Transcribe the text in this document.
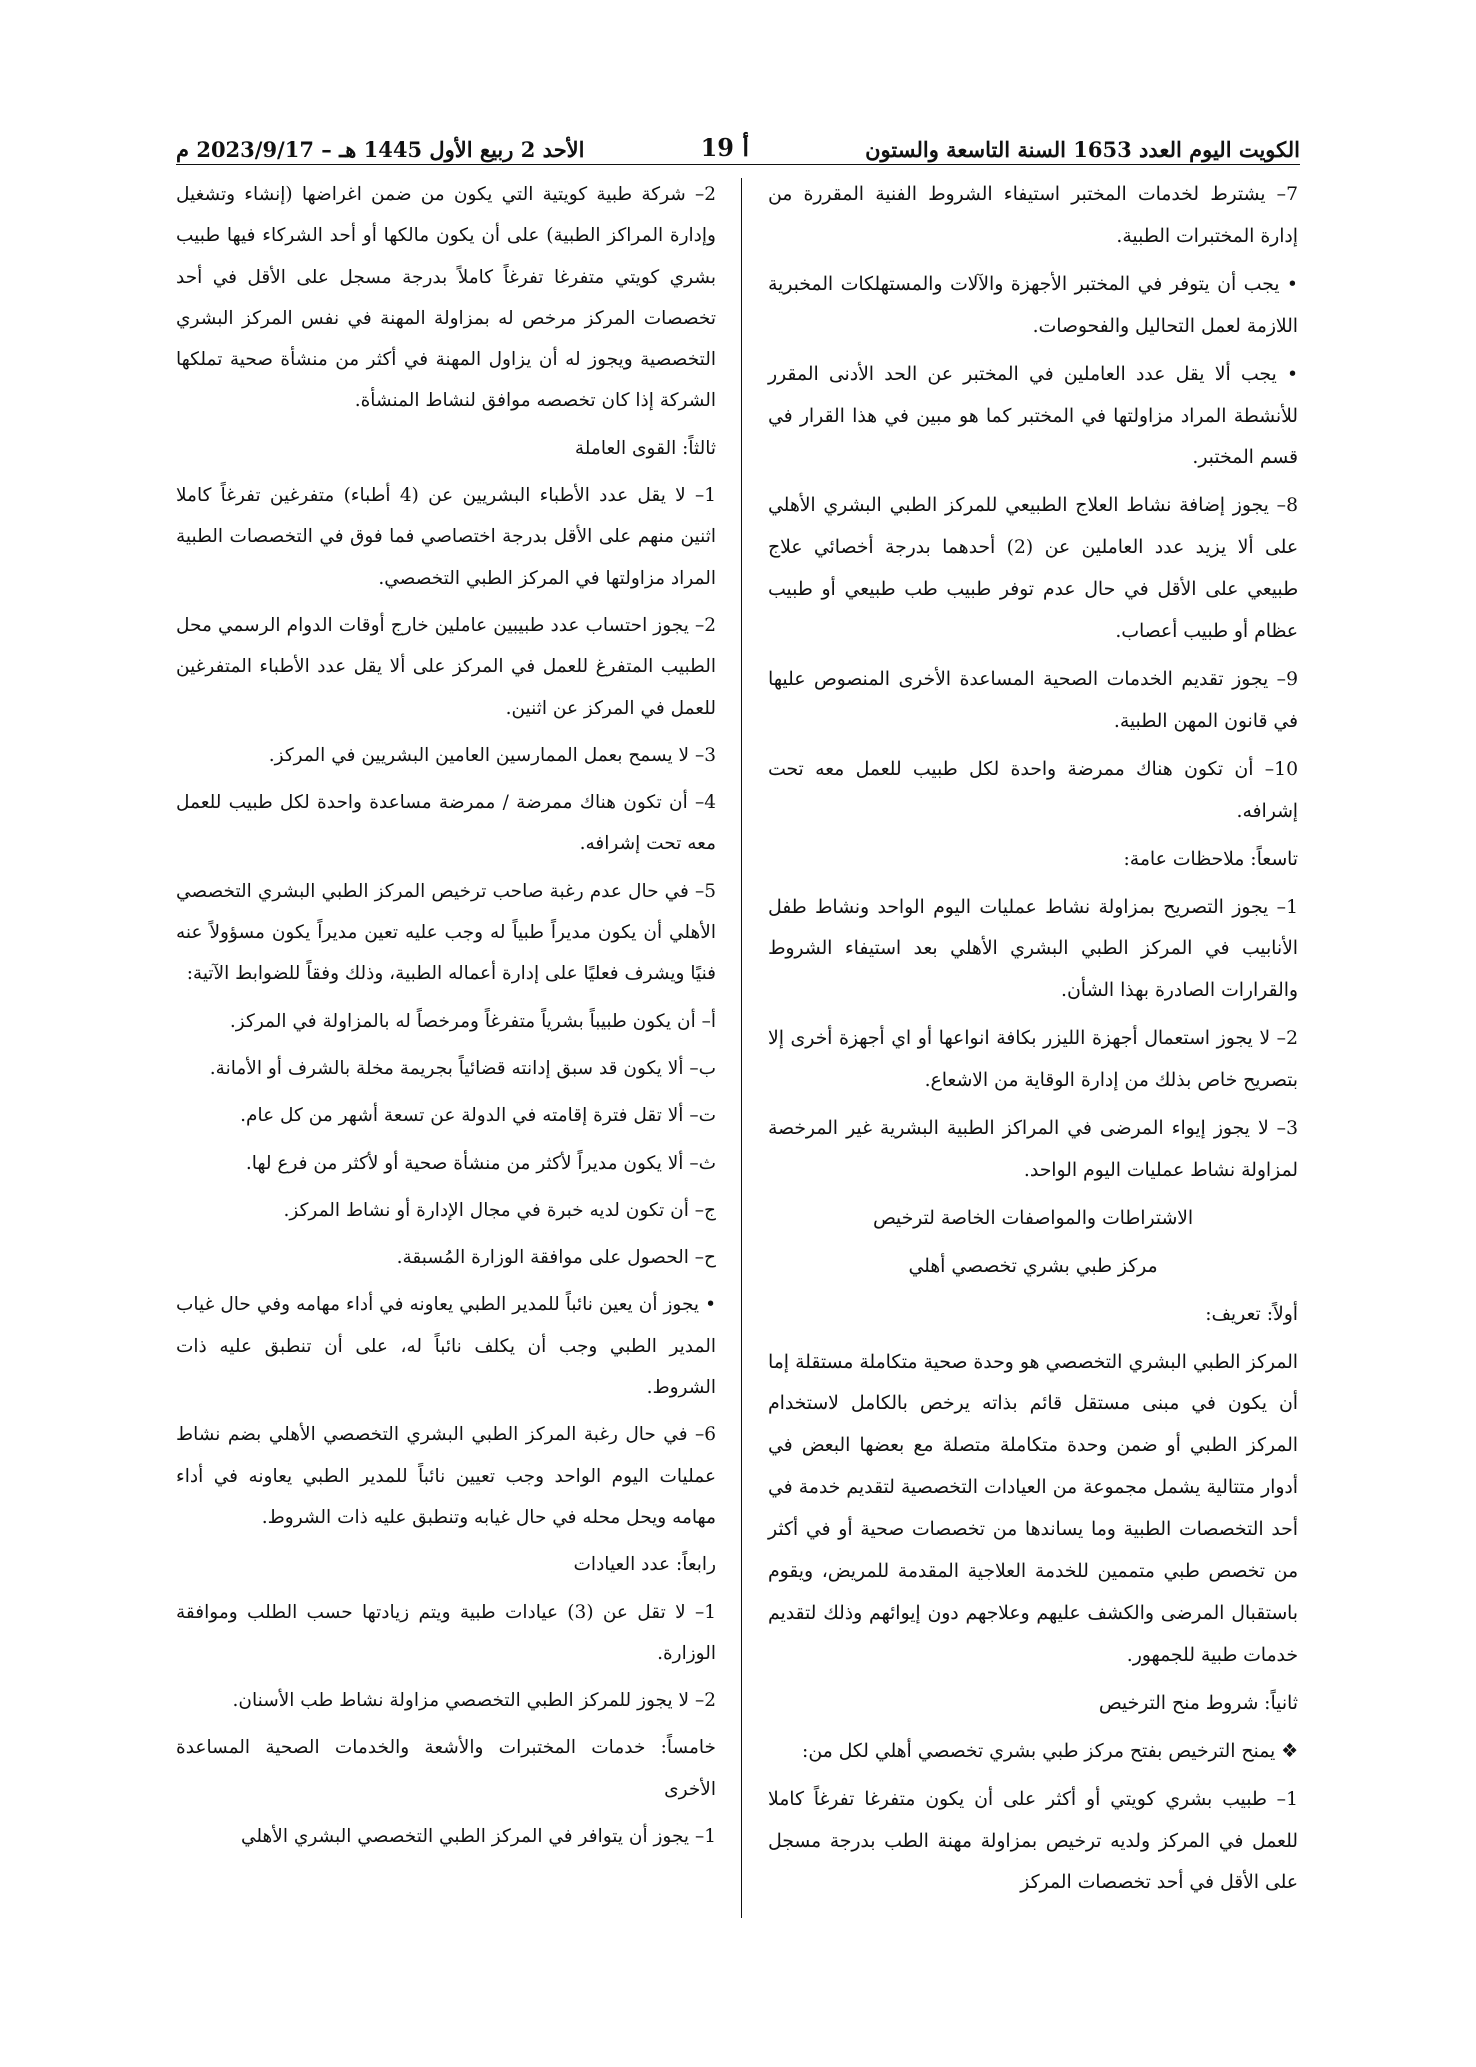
الكويت اليوم العدد 1653 السنة التاسعة والستون
أ 19
الأحد 2 ربيع الأول 1445 هـ – 2023/9/17 م

7– يشترط لخدمات المختبر استيفاء الشروط الفنية المقررة من إدارة المختبرات الطبية.

• يجب أن يتوفر في المختبر الأجهزة والآلات والمستهلكات المخبرية اللازمة لعمل التحاليل والفحوصات.

• يجب ألا يقل عدد العاملين في المختبر عن الحد الأدنى المقرر للأنشطة المراد مزاولتها في المختبر كما هو مبين في هذا القرار في قسم المختبر.

8– يجوز إضافة نشاط العلاج الطبيعي للمركز الطبي البشري الأهلي على ألا يزيد عدد العاملين عن (2) أحدهما بدرجة أخصائي علاج طبيعي على الأقل في حال عدم توفر طبيب طب طبيعي أو طبيب عظام أو طبيب أعصاب.

9– يجوز تقديم الخدمات الصحية المساعدة الأخرى المنصوص عليها في قانون المهن الطبية.

10– أن تكون هناك ممرضة واحدة لكل طبيب للعمل معه تحت إشرافه.

تاسعاً: ملاحظات عامة:

1– يجوز التصريح بمزاولة نشاط عمليات اليوم الواحد ونشاط طفل الأنابيب في المركز الطبي البشري الأهلي بعد استيفاء الشروط والقرارات الصادرة بهذا الشأن.

2– لا يجوز استعمال أجهزة الليزر بكافة انواعها أو اي أجهزة أخرى إلا بتصريح خاص بذلك من إدارة الوقاية من الاشعاع.

3– لا يجوز إيواء المرضى في المراكز الطبية البشرية غير المرخصة لمزاولة نشاط عمليات اليوم الواحد.

الاشتراطات والمواصفات الخاصة لترخيص

مركز طبي بشري تخصصي أهلي

أولاً: تعريف:

المركز الطبي البشري التخصصي هو وحدة صحية متكاملة مستقلة إما أن يكون في مبنى مستقل قائم بذاته يرخص بالكامل لاستخدام المركز الطبي أو ضمن وحدة متكاملة متصلة مع بعضها البعض في أدوار متتالية يشمل مجموعة من العيادات التخصصية لتقديم خدمة في أحد التخصصات الطبية وما يساندها من تخصصات صحية أو في أكثر من تخصص طبي متممين للخدمة العلاجية المقدمة للمريض، ويقوم باستقبال المرضى والكشف عليهم وعلاجهم دون إيوائهم وذلك لتقديم خدمات طبية للجمهور.

ثانياً: شروط منح الترخيص

❖ يمنح الترخيص بفتح مركز طبي بشري تخصصي أهلي لكل من:

1– طبيب بشري كويتي أو أكثر على أن يكون متفرغا تفرغاً كاملا للعمل في المركز ولديه ترخيص بمزاولة مهنة الطب بدرجة مسجل على الأقل في أحد تخصصات المركز

2– شركة طبية كويتية التي يكون من ضمن اغراضها (إنشاء وتشغيل وإدارة المراكز الطبية) على أن يكون مالكها أو أحد الشركاء فيها طبيب بشري كويتي متفرغا تفرغاً كاملاً بدرجة مسجل على الأقل في أحد تخصصات المركز مرخص له بمزاولة المهنة في نفس المركز البشري التخصصية ويجوز له أن يزاول المهنة في أكثر من منشأة صحية تملكها الشركة إذا كان تخصصه موافق لنشاط المنشأة.

ثالثاً: القوى العاملة

1– لا يقل عدد الأطباء البشريين عن (4 أطباء) متفرغين تفرغاً كاملا اثنين منهم على الأقل بدرجة اختصاصي فما فوق في التخصصات الطبية المراد مزاولتها في المركز الطبي التخصصي.

2– يجوز احتساب عدد طبيبين عاملين خارج أوقات الدوام الرسمي محل الطبيب المتفرغ للعمل في المركز على ألا يقل عدد الأطباء المتفرغين للعمل في المركز عن اثنين.

3– لا يسمح بعمل الممارسين العامين البشريين في المركز.

4– أن تكون هناك ممرضة / ممرضة مساعدة واحدة لكل طبيب للعمل معه تحت إشرافه.

5– في حال عدم رغبة صاحب ترخيص المركز الطبي البشري التخصصي الأهلي أن يكون مديراً طبياً له وجب عليه تعين مديراً يكون مسؤولاً عنه فنيًا ويشرف فعليًا على إدارة أعماله الطبية، وذلك وفقاً للضوابط الآتية:

أ– أن يكون طبيباً بشرياً متفرغاً ومرخصاً له بالمزاولة في المركز.

ب– ألا يكون قد سبق إدانته قضائياً بجريمة مخلة بالشرف أو الأمانة.

ت– ألا تقل فترة إقامته في الدولة عن تسعة أشهر من كل عام.

ث– ألا يكون مديراً لأكثر من منشأة صحية أو لأكثر من فرع لها.

ج– أن تكون لديه خبرة في مجال الإدارة أو نشاط المركز.

ح– الحصول على موافقة الوزارة المُسبقة.

• يجوز أن يعين نائباً للمدير الطبي يعاونه في أداء مهامه وفي حال غياب المدير الطبي وجب أن يكلف نائباً له، على أن تنطبق عليه ذات الشروط.

6– في حال رغبة المركز الطبي البشري التخصصي الأهلي بضم نشاط عمليات اليوم الواحد وجب تعيين نائباً للمدير الطبي يعاونه في أداء مهامه ويحل محله في حال غيابه وتنطبق عليه ذات الشروط.

رابعاً: عدد العيادات

1– لا تقل عن (3) عيادات طبية ويتم زيادتها حسب الطلب وموافقة الوزارة.

2– لا يجوز للمركز الطبي التخصصي مزاولة نشاط طب الأسنان.

خامساً: خدمات المختبرات والأشعة والخدمات الصحية المساعدة الأخرى

1– يجوز أن يتوافر في المركز الطبي التخصصي البشري الأهلي
